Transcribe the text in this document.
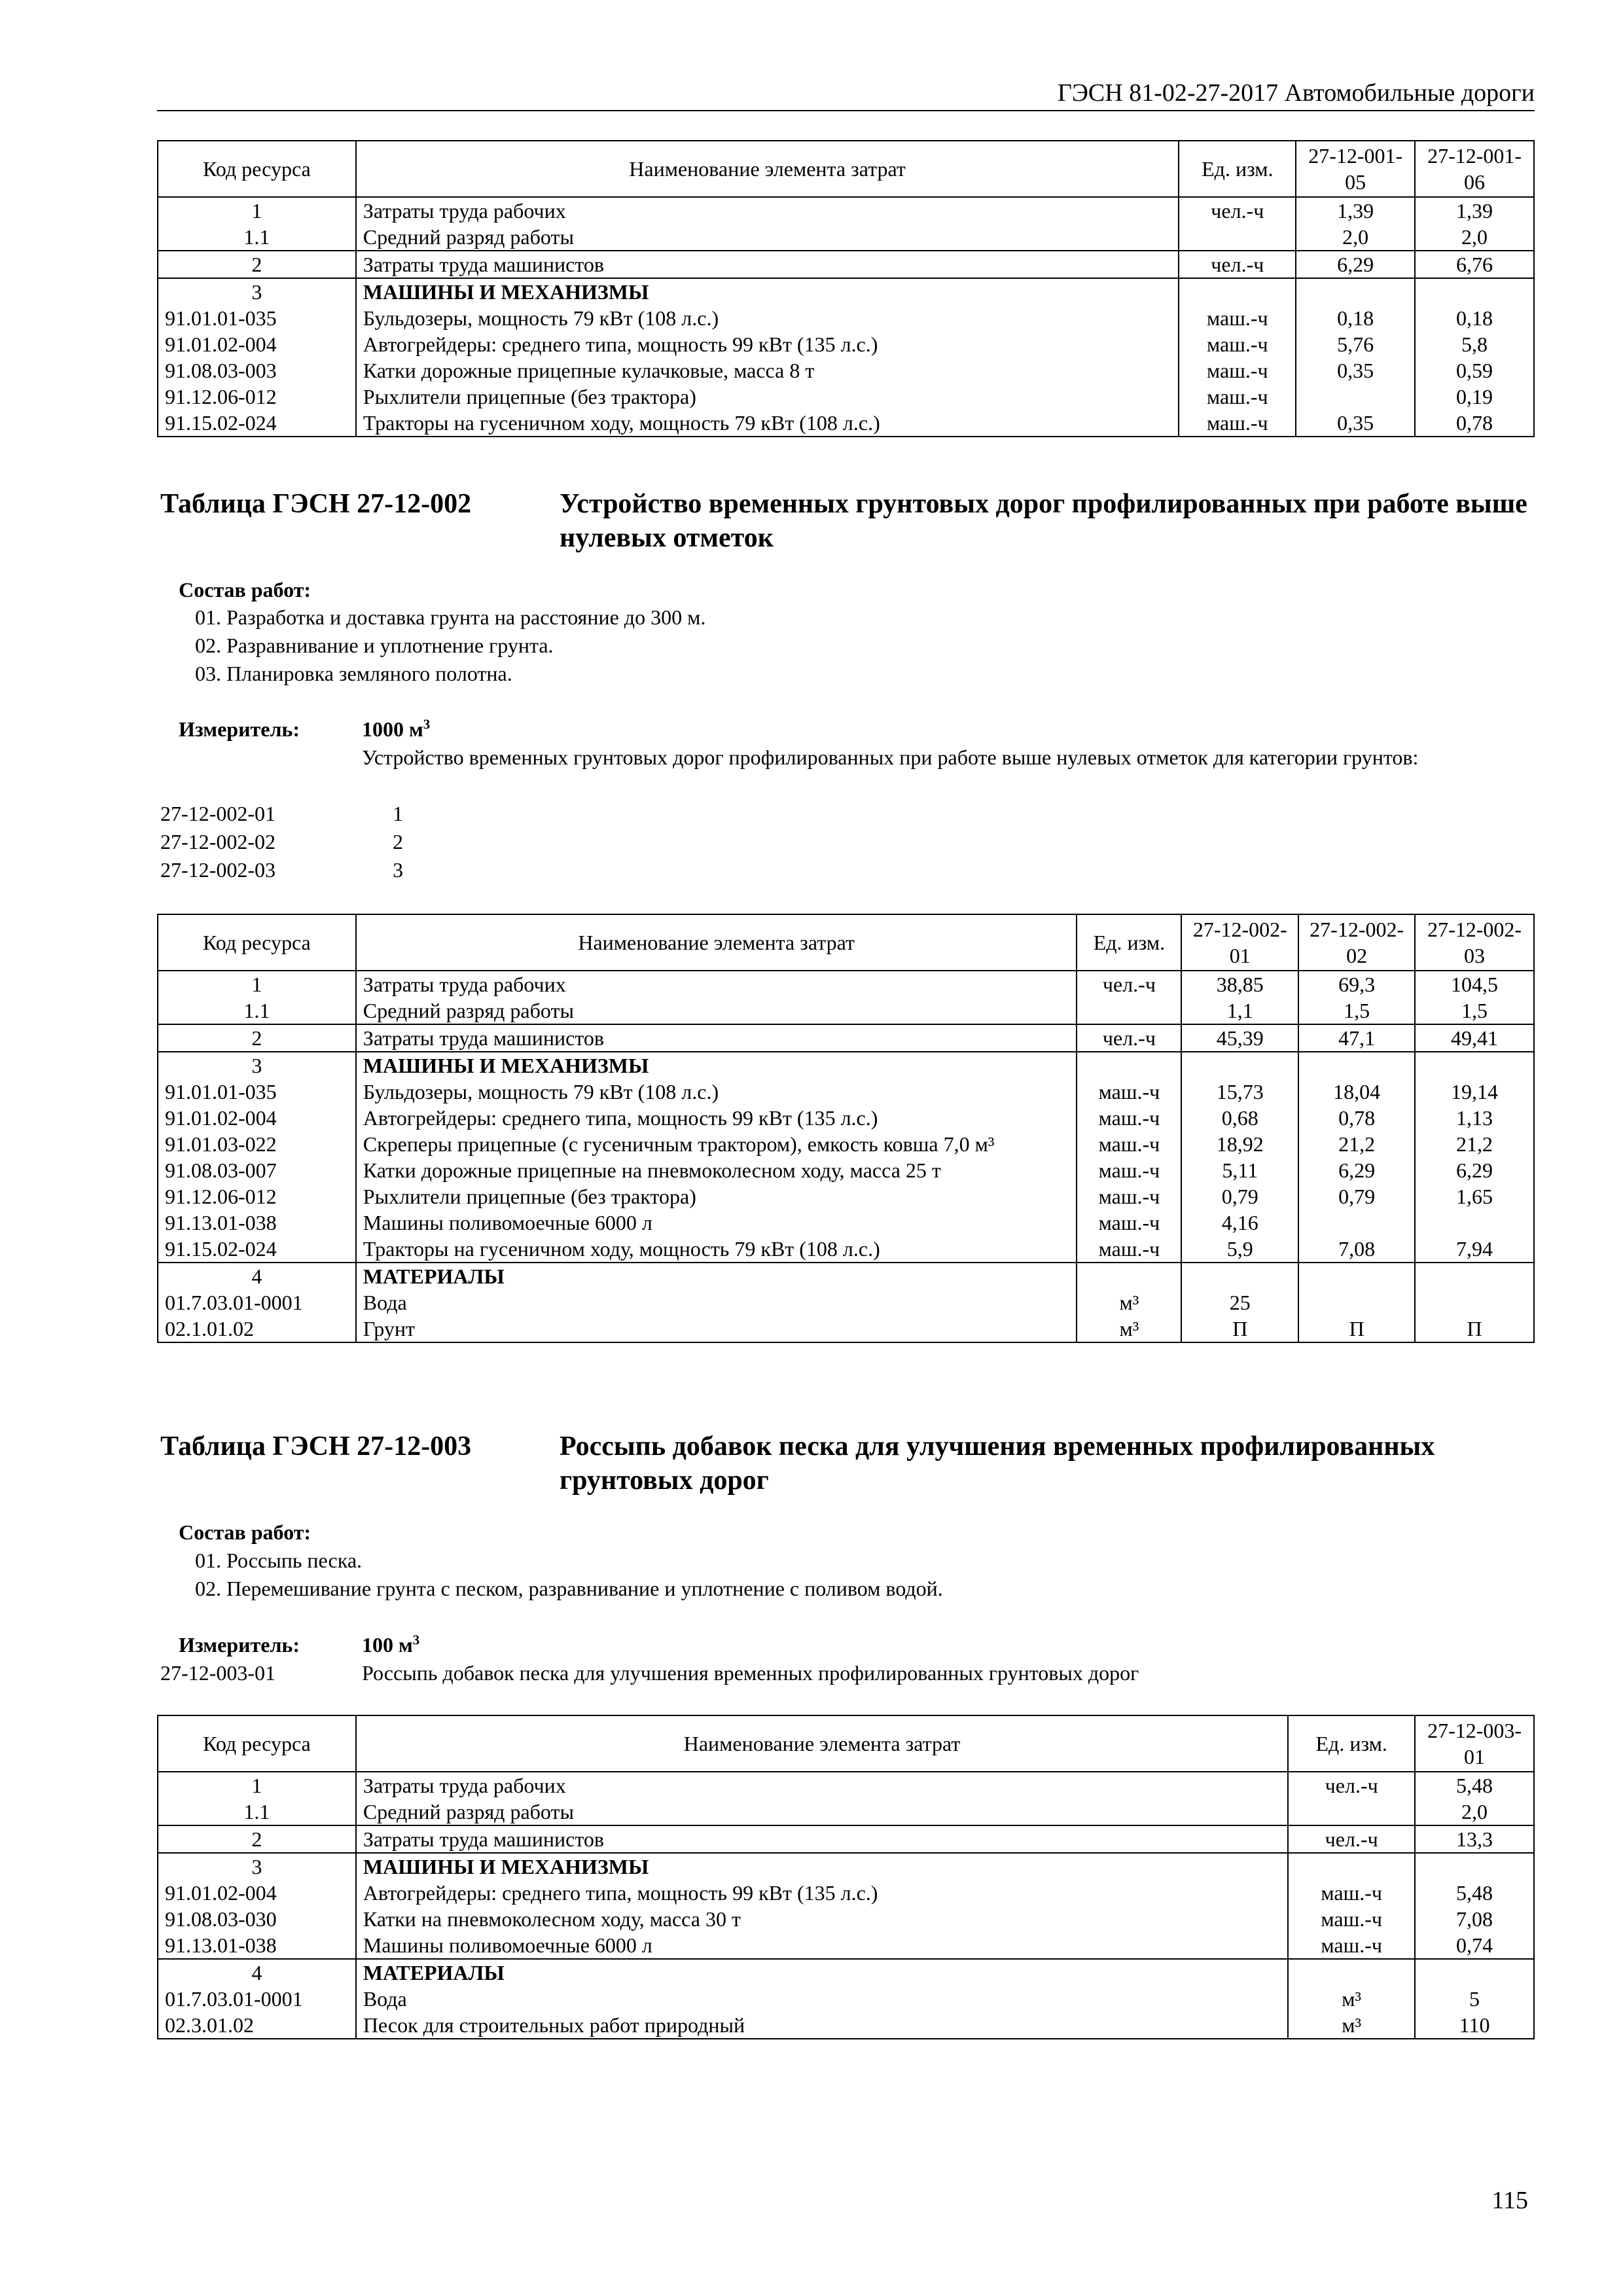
ГЭСН 81-02-27-2017 Автомобильные дороги
Код ресурса	Наименование элемента затрат	Ед. изм.	27-12-001-05	27-12-001-06
1	Затраты труда рабочих	чел.-ч	1,39	1,39
1.1	Средний разряд работы		2,0	2,0
2	Затраты труда машинистов	чел.-ч	6,29	6,76
3	МАШИНЫ И МЕХАНИЗМЫ			
91.01.01-035	Бульдозеры, мощность 79 кВт (108 л.с.)	маш.-ч	0,18	0,18
91.01.02-004	Автогрейдеры: среднего типа, мощность 99 кВт (135 л.с.)	маш.-ч	5,76	5,8
91.08.03-003	Катки дорожные прицепные кулачковые, масса 8 т	маш.-ч	0,35	0,59
91.12.06-012	Рыхлители прицепные (без трактора)	маш.-ч		0,19
91.15.02-024	Тракторы на гусеничном ходу, мощность 79 кВт (108 л.с.)	маш.-ч	0,35	0,78
Таблица ГЭСН 27-12-002	Устройство временных грунтовых дорог профилированных при работе выше нулевых отметок
Состав работ:
01. Разработка и доставка грунта на расстояние до 300 м.
02. Разравнивание и уплотнение грунта.
03. Планировка земляного полотна.
Измеритель:	1000 $м^3$
Устройство временных грунтовых дорог профилированных при работе выше нулевых отметок для категории грунтов:
27-12-002-01	1
27-12-002-02	2
27-12-002-03	3
Код ресурса	Наименование элемента затрат	Ед. изм.	27-12-002-01	27-12-002-02	27-12-002-03
1	Затраты труда рабочих	чел.-ч	38,85	69,3	104,5
1.1	Средний разряд работы		1,1	1,5	1,5
2	Затраты труда машинистов	чел.-ч	45,39	47,1	49,41
3	МАШИНЫ И МЕХАНИЗМЫ				
91.01.01-035	Бульдозеры, мощность 79 кВт (108 л.с.)	маш.-ч	15,73	18,04	19,14
91.01.02-004	Автогрейдеры: среднего типа, мощность 99 кВт (135 л.с.)	маш.-ч	0,68	0,78	1,13
91.01.03-022	Скреперы прицепные (с гусеничным трактором), емкость ковша 7,0 м³	маш.-ч	18,92	21,2	21,2
91.08.03-007	Катки дорожные прицепные на пневмоколесном ходу, масса 25 т	маш.-ч	5,11	6,29	6,29
91.12.06-012	Рыхлители прицепные (без трактора)	маш.-ч	0,79	0,79	1,65
91.13.01-038	Машины поливомоечные 6000 л	маш.-ч	4,16		
91.15.02-024	Тракторы на гусеничном ходу, мощность 79 кВт (108 л.с.)	маш.-ч	5,9	7,08	7,94
4	МАТЕРИАЛЫ				
01.7.03.01-0001	Вода	м³	25		
02.1.01.02	Грунт	м³	П	П	П
Таблица ГЭСН 27-12-003	Россыпь добавок песка для улучшения временных профилированных грунтовых дорог
Состав работ:
01. Россыпь песка.
02. Перемешивание грунта с песком, разравнивание и уплотнение с поливом водой.
Измеритель:	100 $м^3$
27-12-003-01	Россыпь добавок песка для улучшения временных профилированных грунтовых дорог
Код ресурса	Наименование элемента затрат	Ед. изм.	27-12-003-01
1	Затраты труда рабочих	чел.-ч	5,48
1.1	Средний разряд работы		2,0
2	Затраты труда машинистов	чел.-ч	13,3
3	МАШИНЫ И МЕХАНИЗМЫ		
91.01.02-004	Автогрейдеры: среднего типа, мощность 99 кВт (135 л.с.)	маш.-ч	5,48
91.08.03-030	Катки на пневмоколесном ходу, масса 30 т	маш.-ч	7,08
91.13.01-038	Машины поливомоечные 6000 л	маш.-ч	0,74
4	МАТЕРИАЛЫ		
01.7.03.01-0001	Вода	м³	5
02.3.01.02	Песок для строительных работ природный	м³	110
115
